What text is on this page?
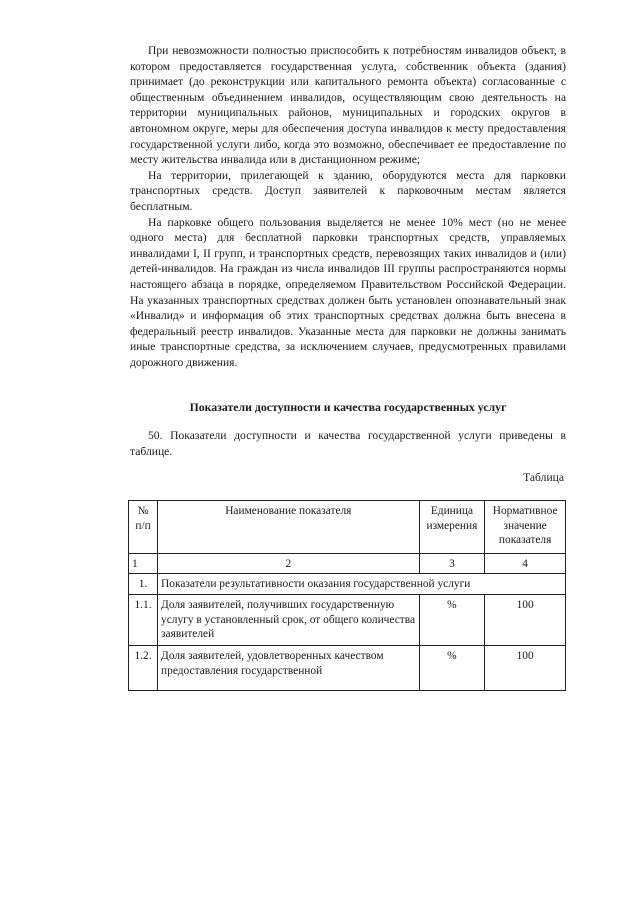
При невозможности полностью приспособить к потребностям инвалидов объект, в котором предоставляется государственная услуга, собственник объекта (здания) принимает (до реконструкции или капитального ремонта объекта) согласованные с общественным объединением инвалидов, осуществляющим свою деятельность на территории муниципальных районов, муниципальных и городских округов в автономном округе, меры для обеспечения доступа инвалидов к месту предоставления государственной услуги либо, когда это возможно, обеспечивает ее предоставление по месту жительства инвалида или в дистанционном режиме;

На территории, прилегающей к зданию, оборудуются места для парковки транспортных средств. Доступ заявителей к парковочным местам является бесплатным.

На парковке общего пользования выделяется не менее 10% мест (но не менее одного места) для бесплатной парковки транспортных средств, управляемых инвалидами I, II групп, и транспортных средств, перевозящих таких инвалидов и (или) детей-инвалидов. На граждан из числа инвалидов III группы распространяются нормы настоящего абзаца в порядке, определяемом Правительством Российской Федерации. На указанных транспортных средствах должен быть установлен опознавательный знак «Инвалид» и информация об этих транспортных средствах должна быть внесена в федеральный реестр инвалидов. Указанные места для парковки не должны занимать иные транспортные средства, за исключением случаев, предусмотренных правилами дорожного движения.

Показатели доступности и качества государственных услуг

50. Показатели доступности и качества государственной услуги приведены в таблице.

Таблица
№ п/п	Наименование показателя	Единица измерения	Нормативное значение показателя
1	2	3	4
1.	Показатели результативности оказания государственной услуги		
1.1.	Доля заявителей, получивших государственную услугу в установленный срок, от общего количества заявителей	%	100
1.2.	Доля заявителей, удовлетворенных качеством предоставления государственной	%	100
